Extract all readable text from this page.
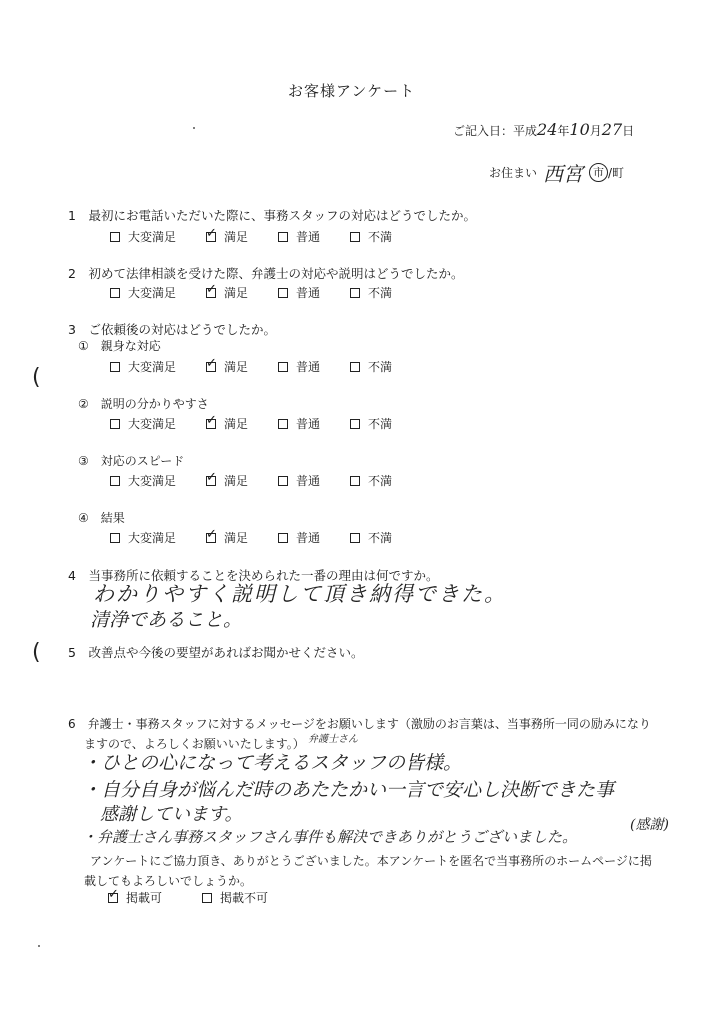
お客様アンケート
ご記入日：平成 24 年 10 月 27 日
お住まい 西宮 市 /町
1　最初にお電話いただいた際に、事務スタッフの対応はどうでしたか。
大変満足 ✓	満足	普通	不満
2　初めて法律相談を受けた際、弁護士の対応や説明はどうでしたか。
大変満足 ✓	満足	普通	不満
3　ご依頼後の対応はどうでしたか。
(
①　親身な対応
大変満足 ✓	満足	普通	不満
②　説明の分かりやすさ
大変満足 ✓	満足	普通	不満
③　対応のスピード
大変満足 ✓	満足	普通	不満
④　結果
大変満足 ✓	満足	普通	不満
4　当事務所に依頼することを決められた一番の理由は何ですか。
わかりやすく説明して頂き納得できた。
清浄であること。
( 5　改善点や今後の要望があればお聞かせください。
6　弁護士・事務スタッフに対するメッセージをお願いします（激励のお言葉は、当事務所一同の励みになり
ますので、よろしくお願いいたします。） 弁護士さん
・ひとの心になって考えるスタッフの皆様。
・自分自身が悩んだ時のあたたかい一言で安心し決断できた事
感謝しています。
・弁護士さん事務スタッフさん事件も解決できありがとうございました。
(感謝)
アンケートにご協力頂き、ありがとうございました。本アンケートを匿名で当事務所のホームページに掲
載してもよろしいでしょうか。
✓
掲載可	掲載不可
